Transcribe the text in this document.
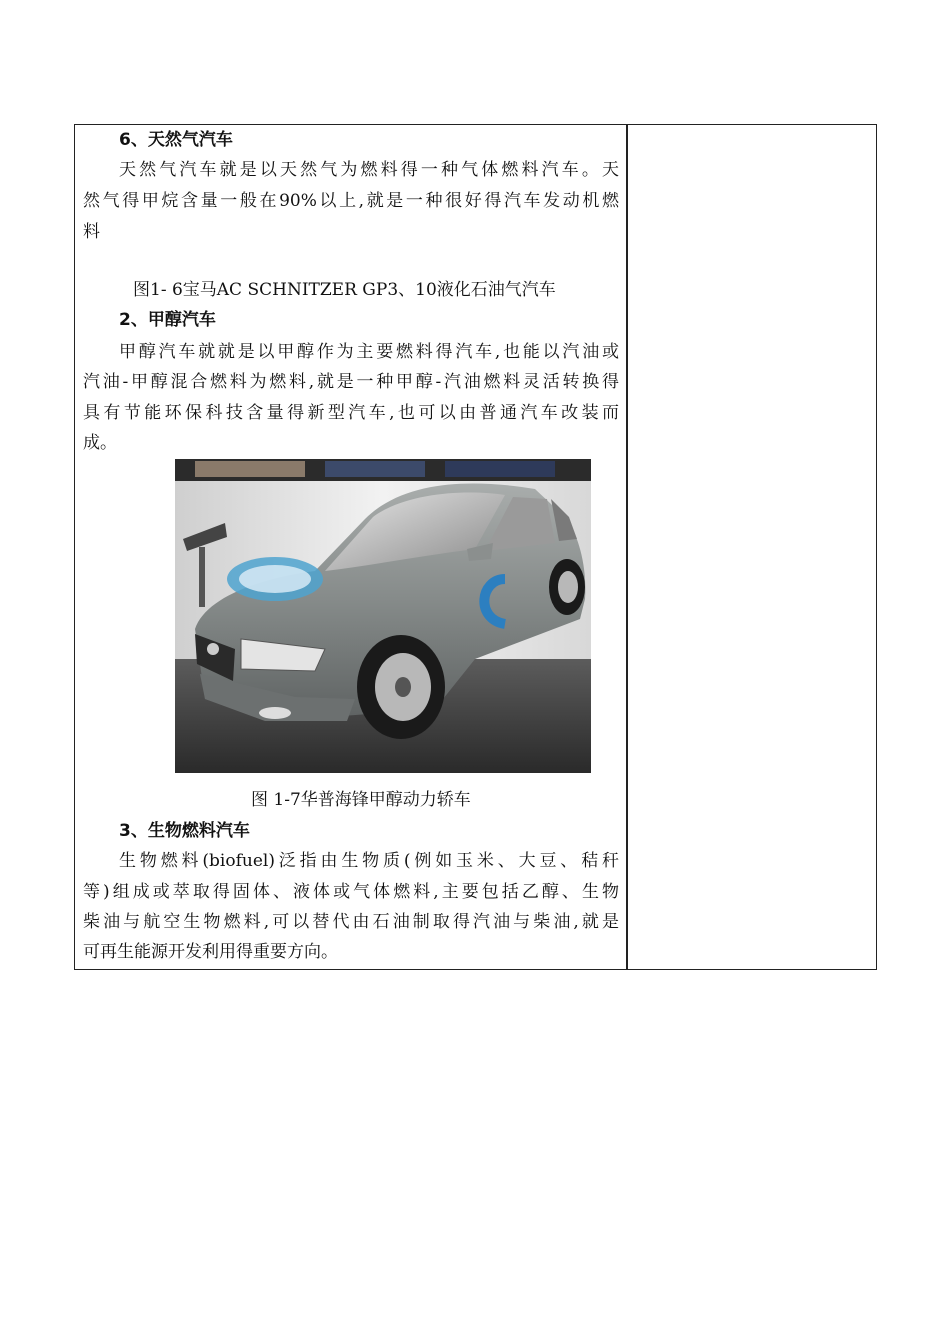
6、天然气汽车
天然气汽车就是以天然气为燃料得一种气体燃料汽车。天
然气得甲烷含量一般在90%以上,就是一种很好得汽车发动机燃
料
图1- 6宝马AC SCHNITZER GP3、10液化石油气汽车
2、甲醇汽车
甲醇汽车就就是以甲醇作为主要燃料得汽车,也能以汽油或
汽油-甲醇混合燃料为燃料,就是一种甲醇-汽油燃料灵活转换得
具有节能环保科技含量得新型汽车,也可以由普通汽车改装而
成。
图 1-7华普海锋甲醇动力轿车
3、生物燃料汽车
生物燃料(biofuel)泛指由生物质(例如玉米、大豆、秸秆
等)组成或萃取得固体、液体或气体燃料,主要包括乙醇、生物
柴油与航空生物燃料,可以替代由石油制取得汽油与柴油,就是
可再生能源开发利用得重要方向。
